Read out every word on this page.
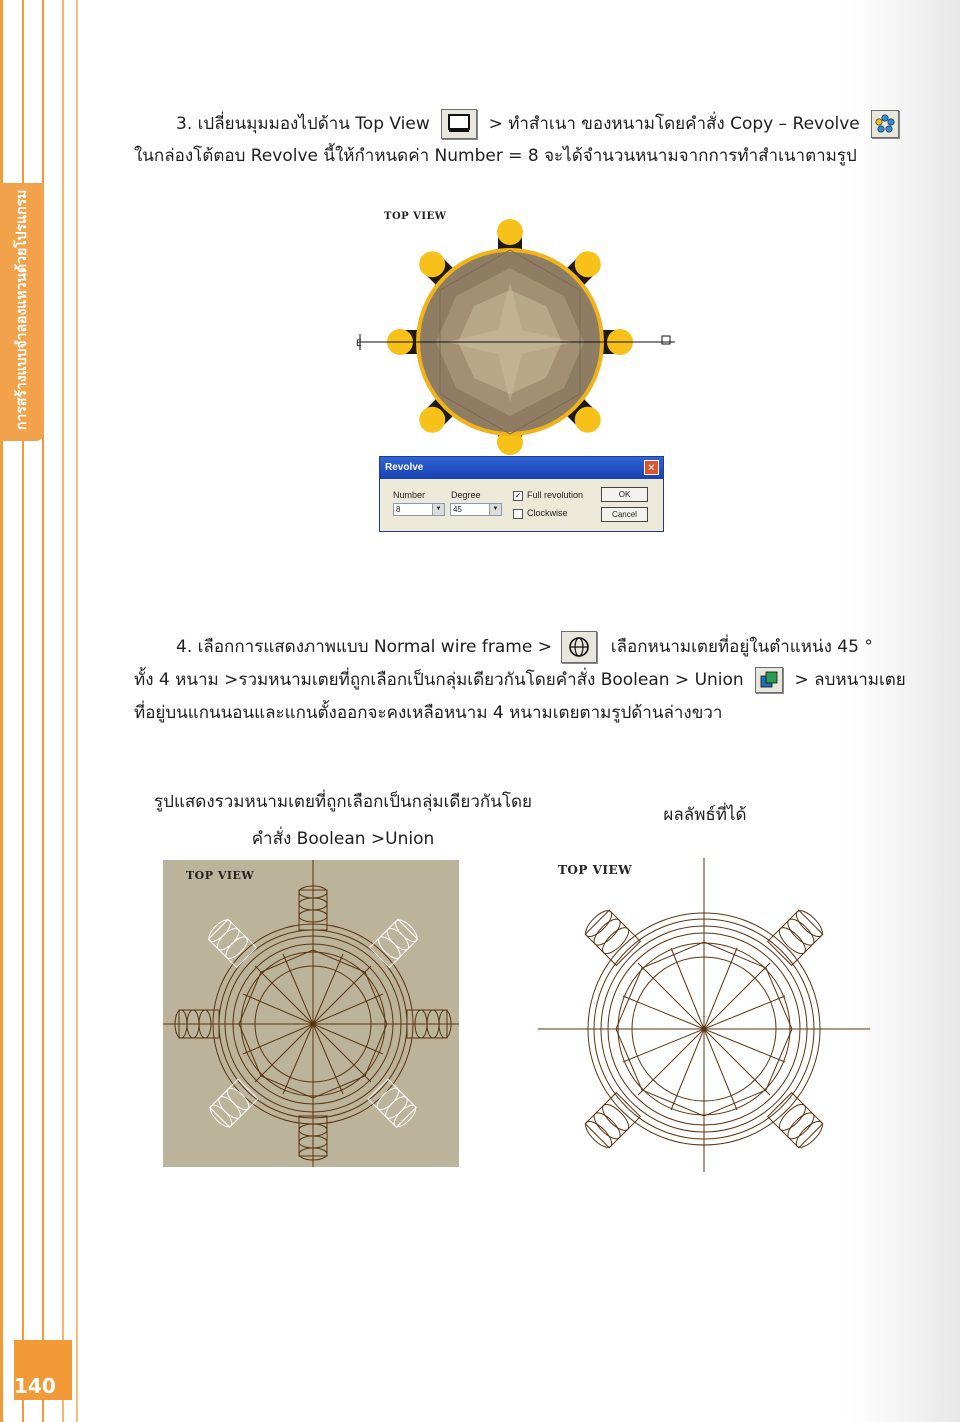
การสร้างแบบจำลองแหวนด้วยโปรแกรม
140
3. เปลี่ยนมุมมองไปด้าน Top View	> ทำสำเนา ของหนามโดยคำสั่ง Copy – Revolve
ในกล่องโต้ตอบ Revolve นี้ให้กำหนดค่า Number = 8 จะได้จำนวนหนามจากการทำสำเนาตามรูป
TOP VIEW
E
Revolve	✕
Number
8	▼
Degree
45	▼
✓ Full revolution
Clockwise
OK
Cancel
4. เลือกการแสดงภาพแบบ Normal wire frame >	เลือกหนามเตยที่อยู่ในตำแหน่ง 45 °
ทั้ง 4 หนาม >รวมหนามเตยที่ถูกเลือกเป็นกลุ่มเดียวกันโดยคำสั่ง Boolean > Union	> ลบหนามเตย
ที่อยู่บนแกนนอนและแกนตั้งออกจะคงเหลือหนาม 4 หนามเตยตามรูปด้านล่างขวา
รูปแสดงรวมหนามเตยที่ถูกเลือกเป็นกลุ่มเดียวกันโดย
คำสั่ง Boolean >Union
ผลลัพธ์ที่ได้
TOP VIEW	TOP VIEW
